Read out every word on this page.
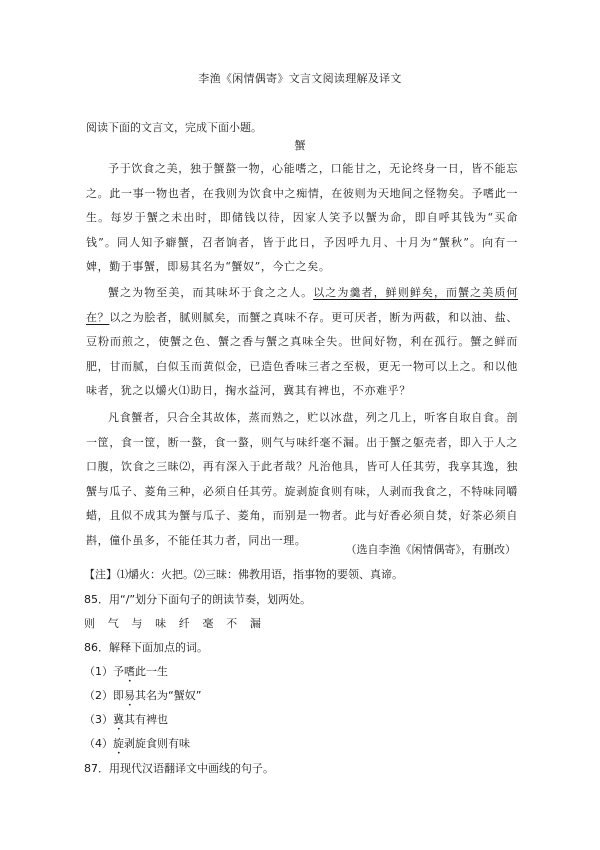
李渔《闲情偶寄》文言文阅读理解及译文
阅读下面的文言文，完成下面小题。
蟹

予于饮食之美，独于蟹螯一物，心能嗜之，口能甘之，无论终身一日，皆不能忘之。此一事一物也者，在我则为饮食中之痴情，在彼则为天地间之怪物矣。予嗜此一生。每岁于蟹之未出时，即储钱以待，因家人笑予以蟹为命，即自呼其钱为“买命钱”。同人知予癖蟹，召者饷者，皆于此日，予因呼九月、十月为“蟹秋”。向有一婢，勤于事蟹，即易其名为“蟹奴”，今亡之矣。

蟹之为物至美，而其味坏于食之之人。以之为羹者，鲜则鲜矣，而蟹之美质何在？以之为脍者，腻则腻矣，而蟹之真味不存。更可厌者，断为两截，和以油、盐、豆粉而煎之，使蟹之色、蟹之香与蟹之真味全失。世间好物，利在孤行。蟹之鲜而肥，甘而腻，白似玉而黄似金，已造色香味三者之至极，更无一物可以上之。和以他味者，犹之以爝火⑴助日，掬水益河，冀其有裨也，不亦难乎？

凡食蟹者，只合全其故体，蒸而熟之，贮以冰盘，列之几上，听客自取自食。剖一筐，食一筐，断一螯，食一螯，则气与味纤毫不漏。出于蟹之躯壳者，即入于人之口腹，饮食之三昧⑵，再有深入于此者哉？凡治他具，皆可人任其劳，我享其逸，独蟹与瓜子、菱角三种，必须自任其劳。旋剥旋食则有味，人剥而我食之，不特味同嚼蜡，且似不成其为蟹与瓜子、菱角，而别是一物者。此与好香必须自焚，好茶必须自斟，僮仆虽多，不能任其力者，同出一理。

（选自李渔《闲情偶寄》，有删改）
【注】⑴爝火：火把。⑵三昧：佛教用语，指事物的要领、真谛。
85．用“/”划分下面句子的朗读节奏，划两处。
则 气 与 味 纤 毫 不 漏
86．解释下面加点的词。
（1）予嗜此一生
（2）即易其名为“蟹奴”
（3）冀其有裨也
（4）旋剥旋食则有味
87．用现代汉语翻译文中画线的句子。
